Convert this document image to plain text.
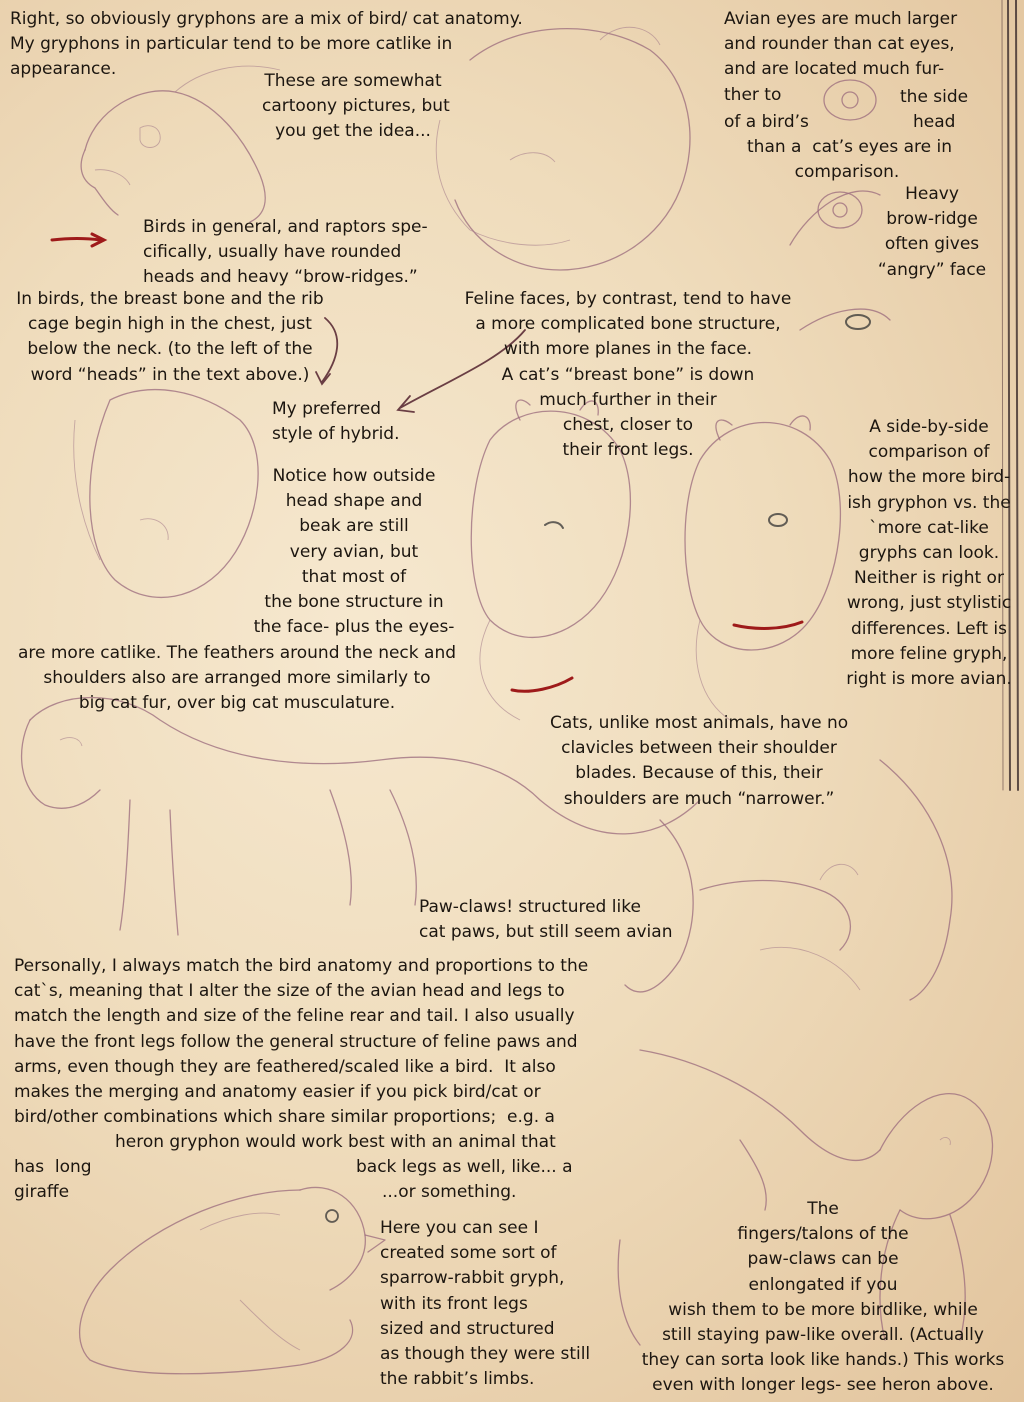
Right, so obviously gryphons are a mix of bird/ cat anatomy.
My gryphons in particular tend to be more catlike in
appearance.

These are somewhat
cartoony pictures, but
you get the idea...

Avian eyes are much larger
and rounder than cat eyes,
and are located much fur-
ther to	the side

of a bird’s	head

than a  cat’s eyes are in
comparison.

Heavy
brow-ridge
often gives
“angry” face

Birds in general, and raptors spe-
cifically, usually have rounded
heads and heavy “brow-ridges.”

In birds, the breast bone and the rib
cage begin high in the chest, just
below the neck. (to the left of the
word “heads” in the text above.)

Feline faces, by contrast, tend to have
a more complicated bone structure,
with more planes in the face.
A cat’s “breast bone” is down
much further in their
chest, closer to
their front legs.

My preferred
style of hybrid.

Notice how outside
head shape and
beak are still
very avian, but
that most of
the bone structure in
the face- plus the eyes-

are more catlike. The feathers around the neck and
shoulders also are arranged more similarly to
big cat fur, over big cat musculature.

A side-by-side
comparison of
how the more bird-
ish gryphon vs. the
`more cat-like
gryphs can look.
Neither is right or
wrong, just stylistic
differences. Left is
more feline gryph,
right is more avian.

Cats, unlike most animals, have no
clavicles between their shoulder
blades. Because of this, their
shoulders are much “narrower.”

Paw-claws! structured like
cat paws, but still seem avian

Personally, I always match the bird anatomy and proportions to the
cat`s, meaning that I alter the size of the avian head and legs to
match the length and size of the feline rear and tail. I also usually
have the front legs follow the general structure of feline paws and
arms, even though they are feathered/scaled like a bird.  It also
makes the merging and anatomy easier if you pick bird/cat or
bird/other combinations which share similar proportions;  e.g. a

heron gryphon would work best with an animal that

has  long	back legs as well, like... a

giraffe	...or something.

Here you can see I
created some sort of
sparrow-rabbit gryph,
with its front legs
sized and structured
as though they were still
the rabbit’s limbs.

The
fingers/talons of the
paw-claws can be
enlongated if you
wish them to be more birdlike, while
still staying paw-like overall. (Actually
they can sorta look like hands.) This works
even with longer legs- see heron above.
